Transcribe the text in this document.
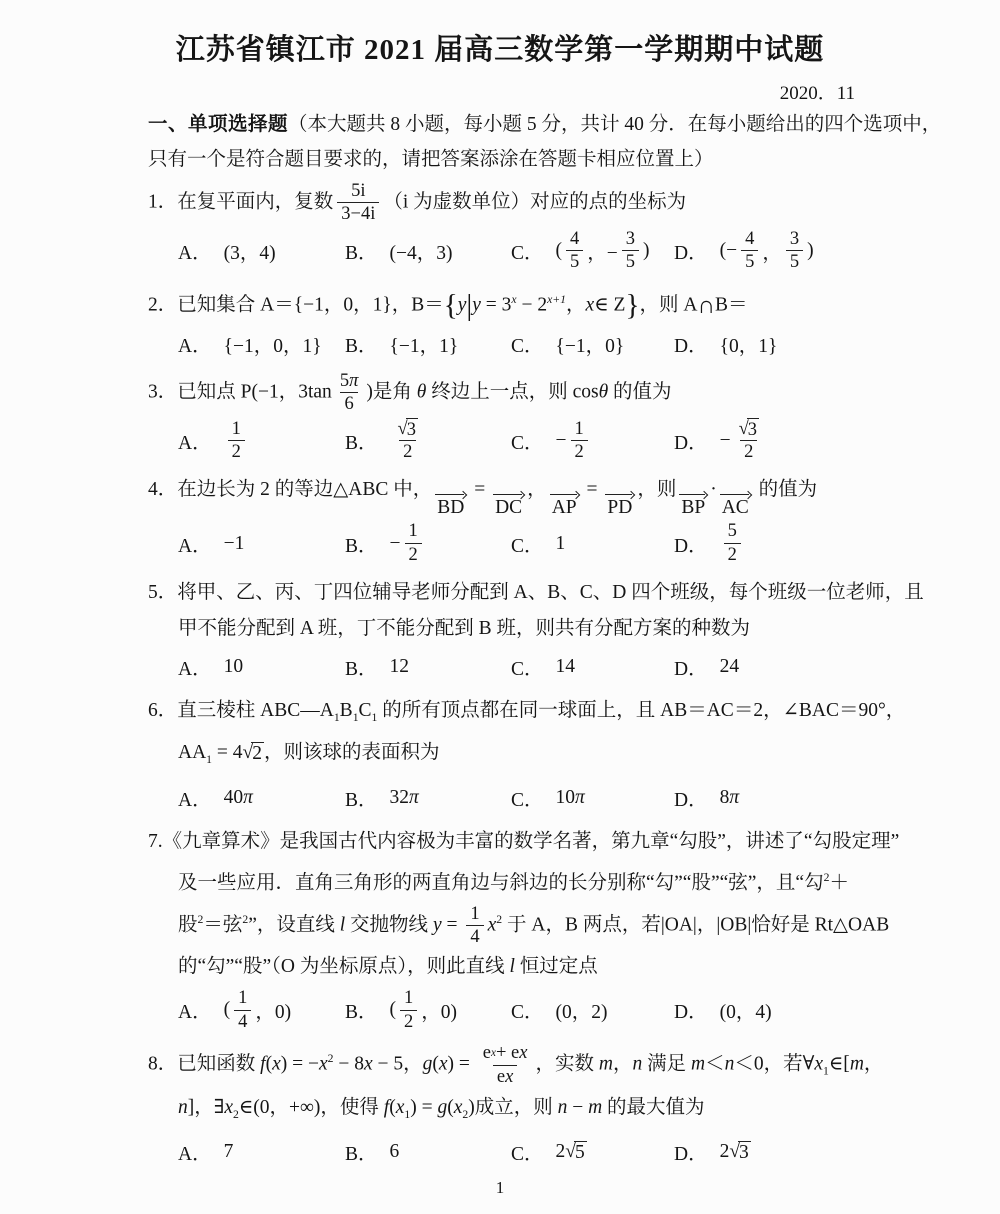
江苏省镇江市 2021 届高三数学第一学期期中试题
2020．11
一、单项选择题（本大题共 8 小题，每小题 5 分，共计 40 分．在每小题给出的四个选项中，
只有一个是符合题目要求的，请把答案添涂在答题卡相应位置上）
1．在复平面内，复数 $\frac{5i}{3-4i} (i$ 为虚数单位）对应的点的坐标为
A． (3，4)	B． (−4，3)	C． ( $\frac{4}{5}$ ，− $\frac{3}{5}$ ) D． (− $\frac{4}{5}$ ， $\frac{3}{5}$ )
2．已知集合 A＝{−1，0，1}，$B=\{y|y = 3^x - 2^{x+1}$，x∈ Z}，则 A∩B＝
A． {−1，0，1} B． {−1，1}	C． {−1，0}	D． {0，1}
3．已知点 P(−1，$3\tan \frac{5 \pi}{6}$ )是角 θ 终边上一点，则 cosθ 的值为
A． $\frac{1}{2}$	B． √ $\frac{3}{2}$	C． − $\frac{1}{2}$	D． − √ $\frac{3}{2}$
4．在边长为 2 的等边△ABC 中，
BD
=
DC
，
AP
=
PD
，则
BP
·
AC
的值为
A． −1	B． − $\frac{1}{2}$	C． 1	D． $\frac{5}{2}$
5．将甲、乙、丙、丁四位辅导老师分配到 A、B、C、D 四个班级，每个班级一位老师，且
甲不能分配到 A 班，丁不能分配到 B 班，则共有分配方案的种数为
A． 10	B． 12	C． 14	D． 24
6．直三棱柱 $ABC—A_1B_1C_1$ 的所有顶点都在同一球面上，且 AB＝AC＝2，∠BAC＝90°，
$AA_1 = 4$ √ 2 ，则该球的表面积为
A． 40 π	B． 32 π	C． 10 π	D． 8 π
7.《九章算术》是我国古代内容极为丰富的数学名著，第九章“勾股”，讲述了“勾股定理”
及一些应用．直角三角形的两直角边与斜边的长分别称“勾”“股”“弦”，且“勾$^2$＋
股$^2$＝弦$^2$”，设直线 l 交抛物线 $y = \frac{1}{4} x^2$ 于 A，B 两点，若|OA|，|OB|恰好是 Rt△OAB
的“勾”“股”（O 为坐标原点），则此直线 l 恒过定点
A． ( $\frac{1}{4}$ ，0)	B． ( $\frac{1}{2}$ ，0)	C． (0，2)	D． (0，4)
8．已知函数 $f(x) = -x^2 - 8x - 5$，$g(x) = \frac{\text{e x + e x}}{\text{e x}}$ ，实数 m，n 满足 m＜n＜0，若$\forall x_1\in[m$，
n]，$\exists x_2\in(0$，+∞)，使得 $f(x_1) = g(x_2)$成立，则 n − m 的最大值为
A． 7	B． 6	C． 2 √ 5	D． 2 √ 3
1
